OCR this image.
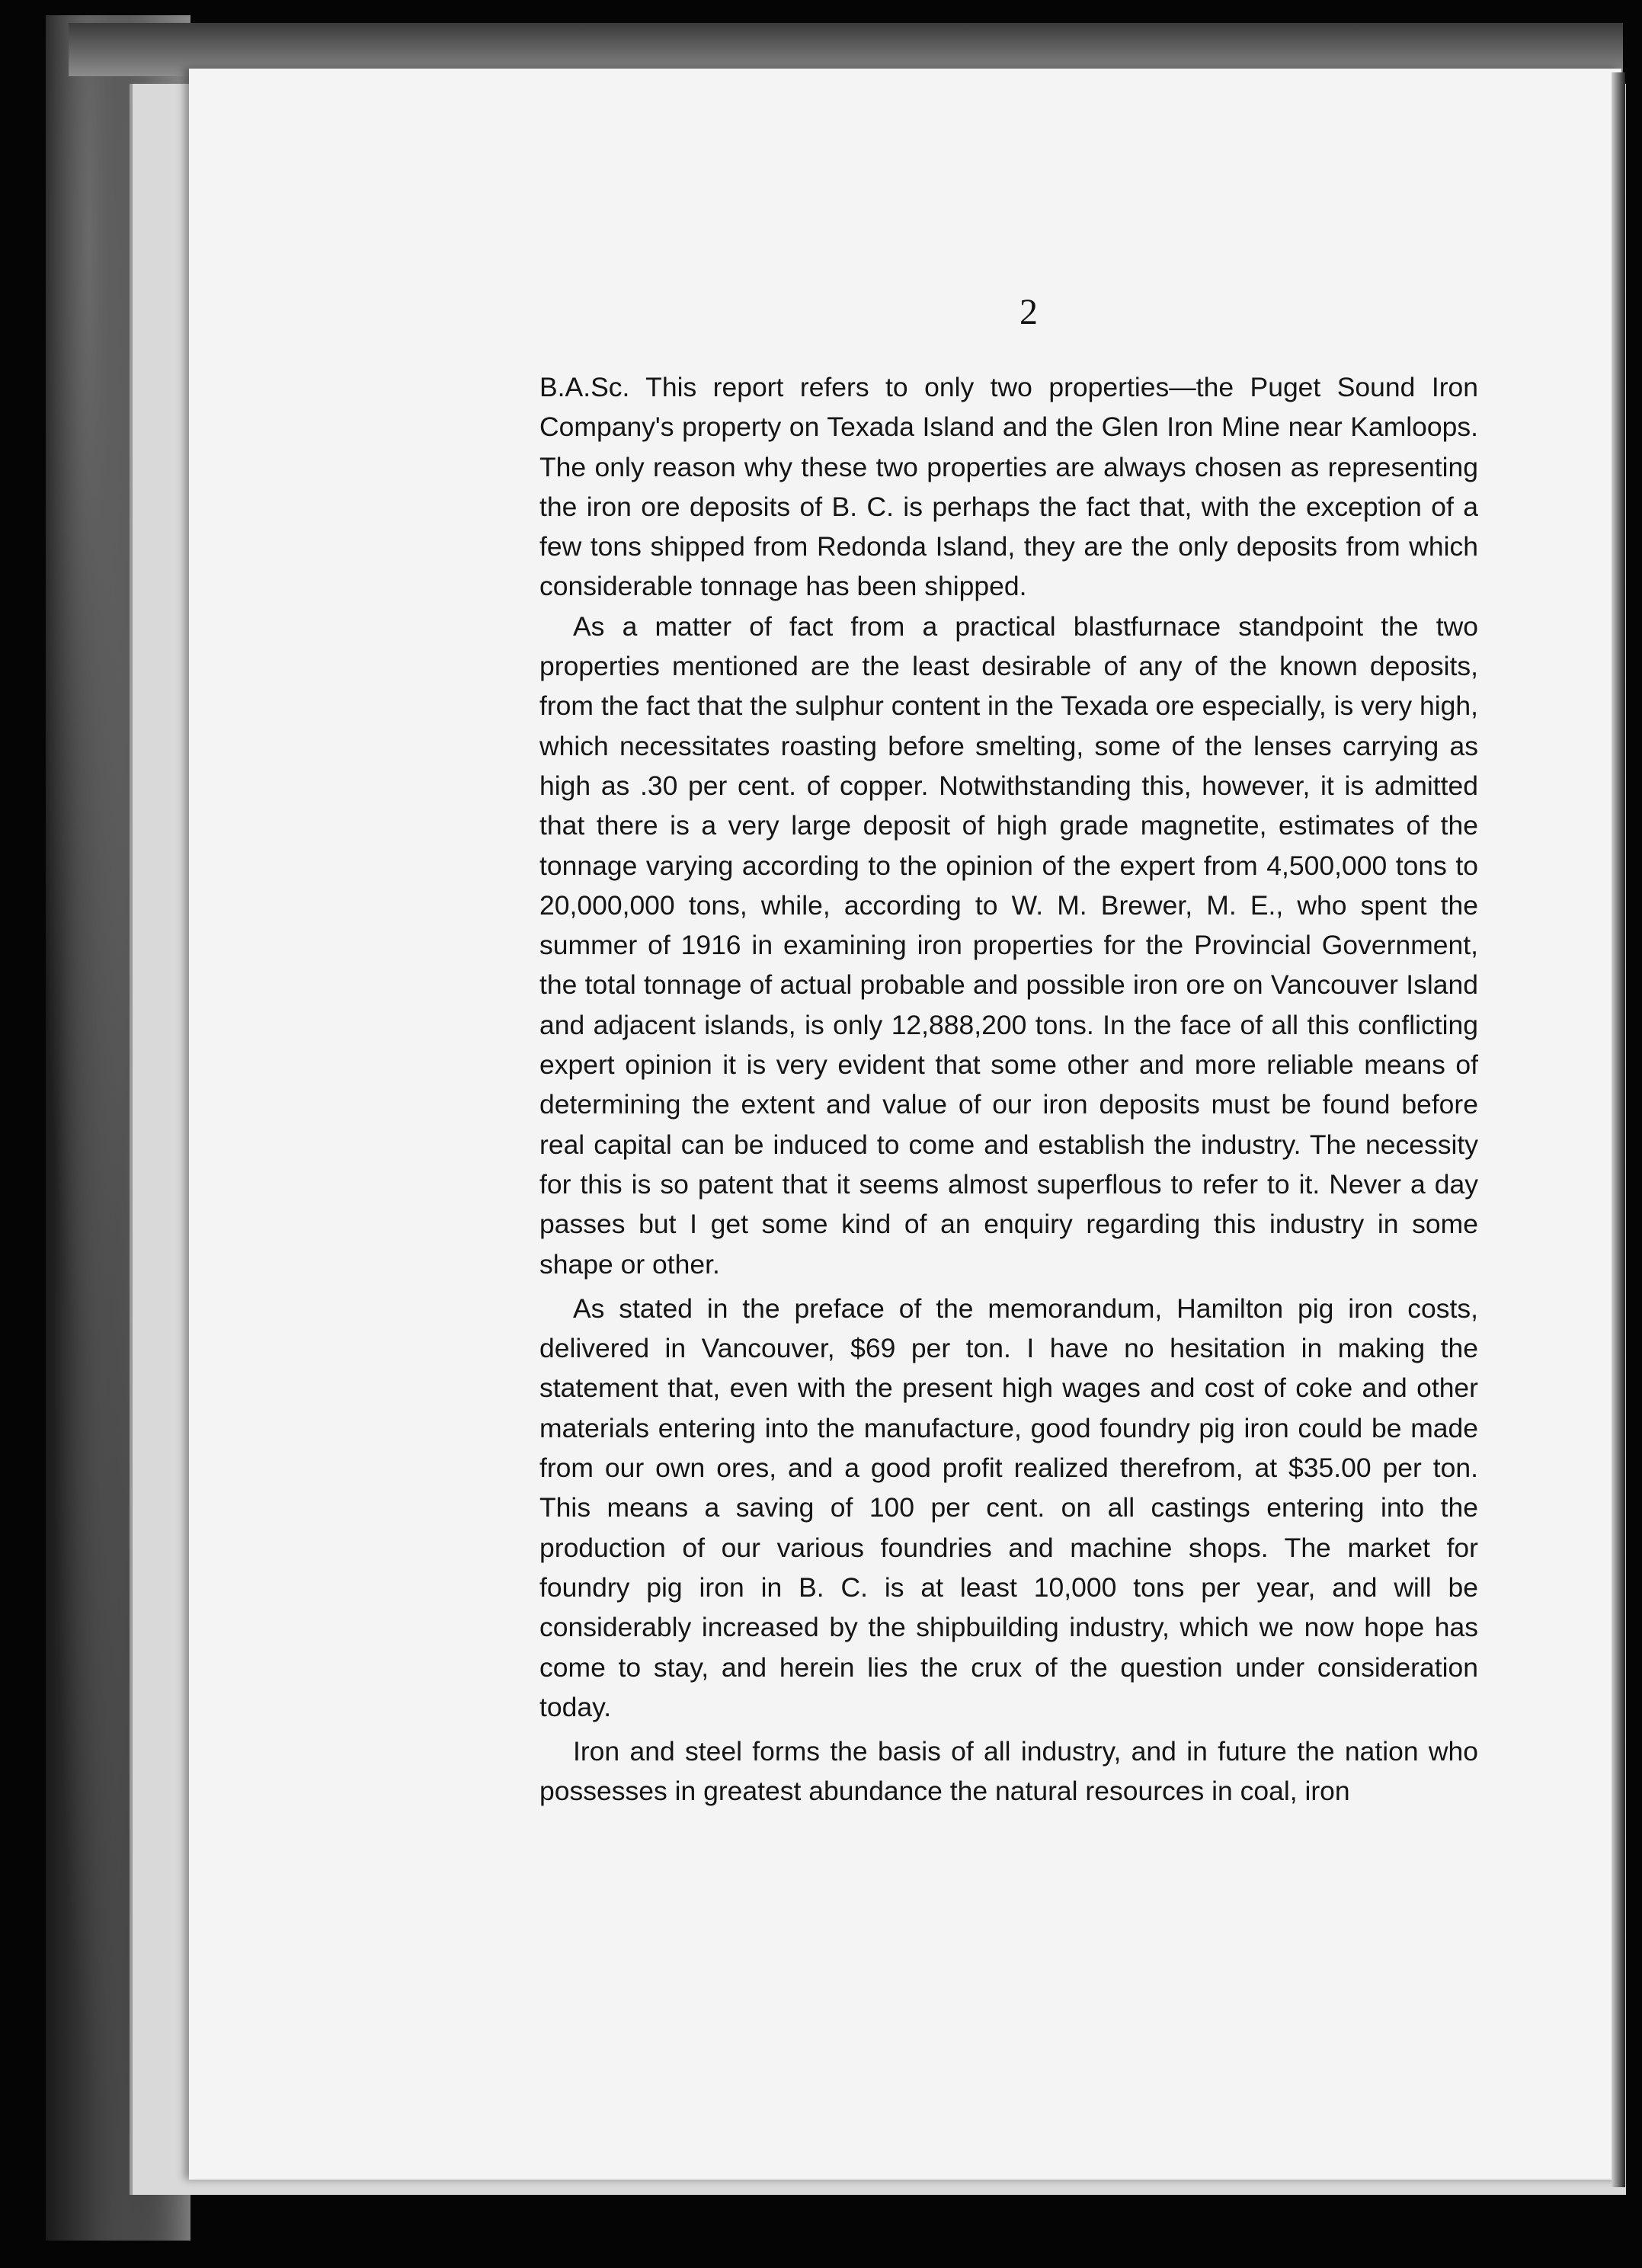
2

B.A.Sc. This report refers to only two properties—the Puget Sound Iron Company's property on Texada Island and the Glen Iron Mine near Kamloops. The only reason why these two properties are always chosen as representing the iron ore deposits of B. C. is perhaps the fact that, with the exception of a few tons shipped from Redonda Island, they are the only deposits from which considerable tonnage has been shipped.

As a matter of fact from a practical blastfurnace standpoint the two properties mentioned are the least desirable of any of the known deposits, from the fact that the sulphur content in the Texada ore especially, is very high, which necessitates roasting before smelting, some of the lenses carrying as high as .30 per cent. of copper. Notwithstanding this, however, it is admitted that there is a very large deposit of high grade magnetite, estimates of the tonnage varying according to the opinion of the expert from 4,500,000 tons to 20,000,000 tons, while, according to W. M. Brewer, M. E., who spent the summer of 1916 in examining iron properties for the Provincial Government, the total tonnage of actual probable and possible iron ore on Vancouver Island and adjacent islands, is only 12,888,200 tons. In the face of all this conflicting expert opinion it is very evident that some other and more reliable means of determining the extent and value of our iron deposits must be found before real capital can be induced to come and establish the industry. The necessity for this is so patent that it seems almost superflous to refer to it. Never a day passes but I get some kind of an enquiry regarding this industry in some shape or other.

As stated in the preface of the memorandum, Hamilton pig iron costs, delivered in Vancouver, $69 per ton. I have no hesitation in making the statement that, even with the present high wages and cost of coke and other materials entering into the manufacture, good foundry pig iron could be made from our own ores, and a good profit realized therefrom, at $35.00 per ton. This means a saving of 100 per cent. on all castings entering into the production of our various foundries and machine shops. The market for foundry pig iron in B. C. is at least 10,000 tons per year, and will be considerably increased by the shipbuilding industry, which we now hope has come to stay, and herein lies the crux of the question under consideration today.

Iron and steel forms the basis of all industry, and in future the nation who possesses in greatest abundance the natural resources in coal, iron
